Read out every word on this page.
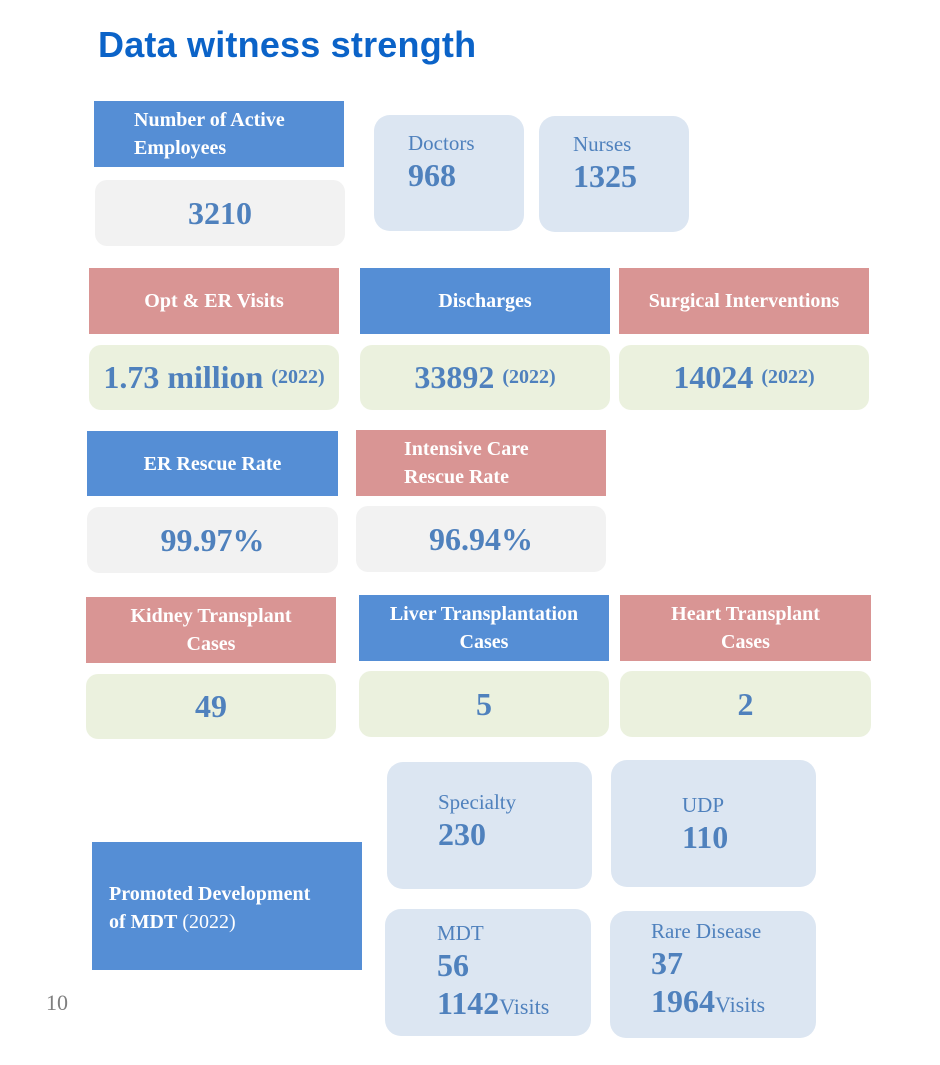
Data witness strength
Number of Active
Employees
3210
Doctors
968
Nurses
1325
Opt & ER Visits
1.73 million (2022)
Discharges
33892 (2022)
Surgical Interventions
14024 (2022)
ER Rescue Rate
99.97%
Intensive Care
Rescue Rate
96.94%
Kidney Transplant
Cases
49
Liver Transplantation
Cases
5
Heart Transplant
Cases
2
Promoted Development
of MDT (2022)
Specialty
230
UDP
110
MDT
56
1142Visits
Rare Disease
37
1964Visits
10
